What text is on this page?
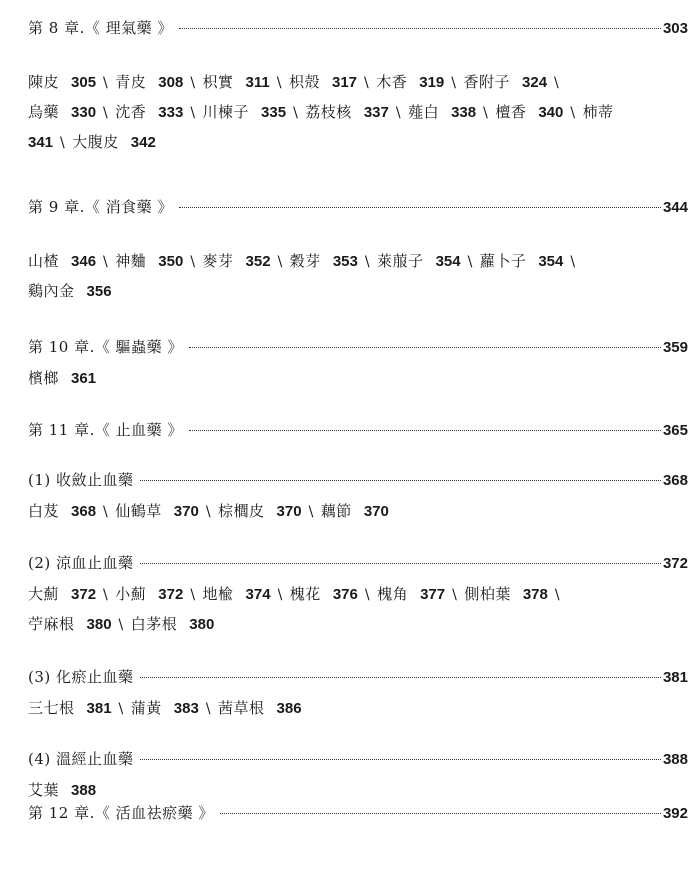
第 8 章.《 理氣藥 》	303
陳皮 305 \ 青皮 308 \ 枳實 311 \ 枳殻 317 \ 木香 319 \ 香附子 324 \
烏藥 330 \ 沈香 333 \ 川楝子 335 \ 荔枝核 337 \ 薤白 338 \ 檀香 340 \ 柿蒂
341 \ 大腹皮 342
第 9 章.《 消食藥 》	344
山楂 346 \ 神麯 350 \ 麥芽 352 \ 穀芽 353 \ 萊菔子 354 \ 蘿卜子 354 \
鷄內金 356
第 10 章.《 驅蟲藥 》	359
檳榔 361
第 11 章.《 止血藥 》	365
(1) 收斂止血藥	368
白芨 368 \ 仙鶴草 370 \ 棕櫚皮 370 \ 藕節 370
(2) 涼血止血藥	372
大薊 372 \ 小薊 372 \ 地楡 374 \ 槐花 376 \ 槐角 377 \ 側柏葉 378 \
苧麻根 380 \ 白茅根 380
(3) 化瘀止血藥	381
三七根 381 \ 蒲黃 383 \ 茜草根 386
(4) 溫經止血藥	388
艾葉 388
第 12 章.《 活血祛瘀藥 》	392
